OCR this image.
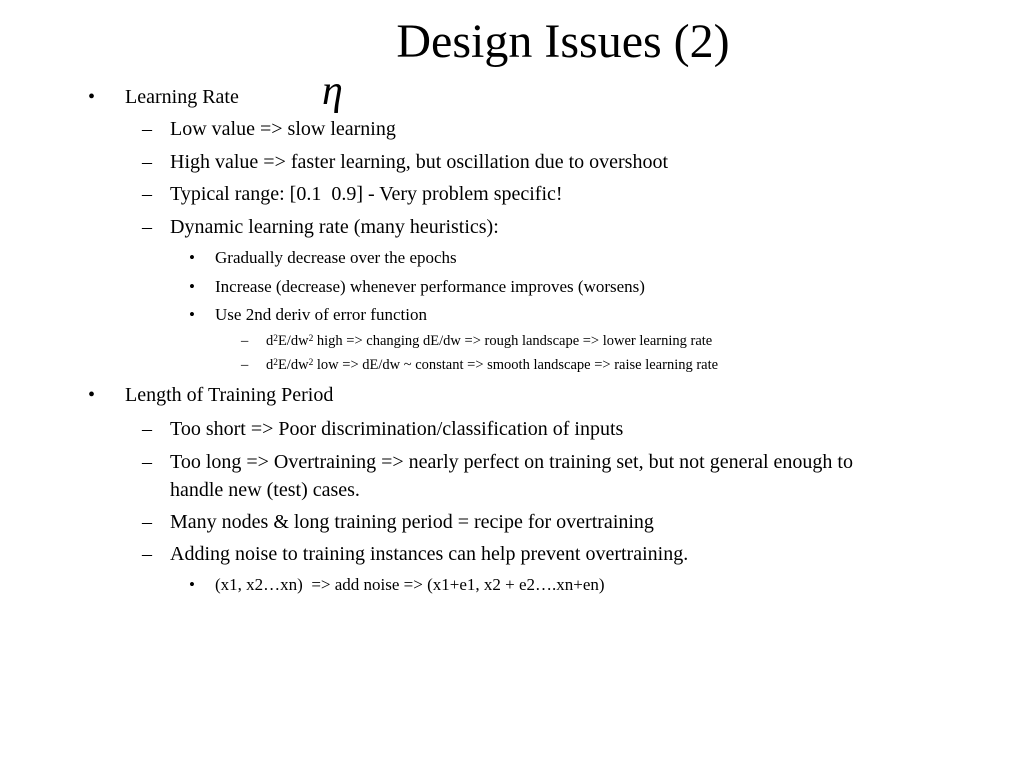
Design Issues (2)
η
• Learning Rate
– Low value => slow learning
– High value => faster learning, but oscillation due to overshoot
– Typical range: [0.1  0.9] - Very problem specific!
– Dynamic learning rate (many heuristics):
• Gradually decrease over the epochs
• Increase (decrease) whenever performance improves (worsens)
• Use 2nd deriv of error function
– $d^2E/dw^2$ high => changing dE/dw => rough landscape => lower learning rate
– $d^2E/dw^2$ low => dE/dw ~ constant => smooth landscape => raise learning rate
• Length of Training Period
– Too short => Poor discrimination/classification of inputs
– Too long => Overtraining => nearly perfect on training set, but not general enough to
handle new (test) cases.
– Many nodes & long training period = recipe for overtraining
– Adding noise to training instances can help prevent overtraining.
• (x1, x2…xn)  => add noise => (x1+e1, x2 + e2….xn+en)
